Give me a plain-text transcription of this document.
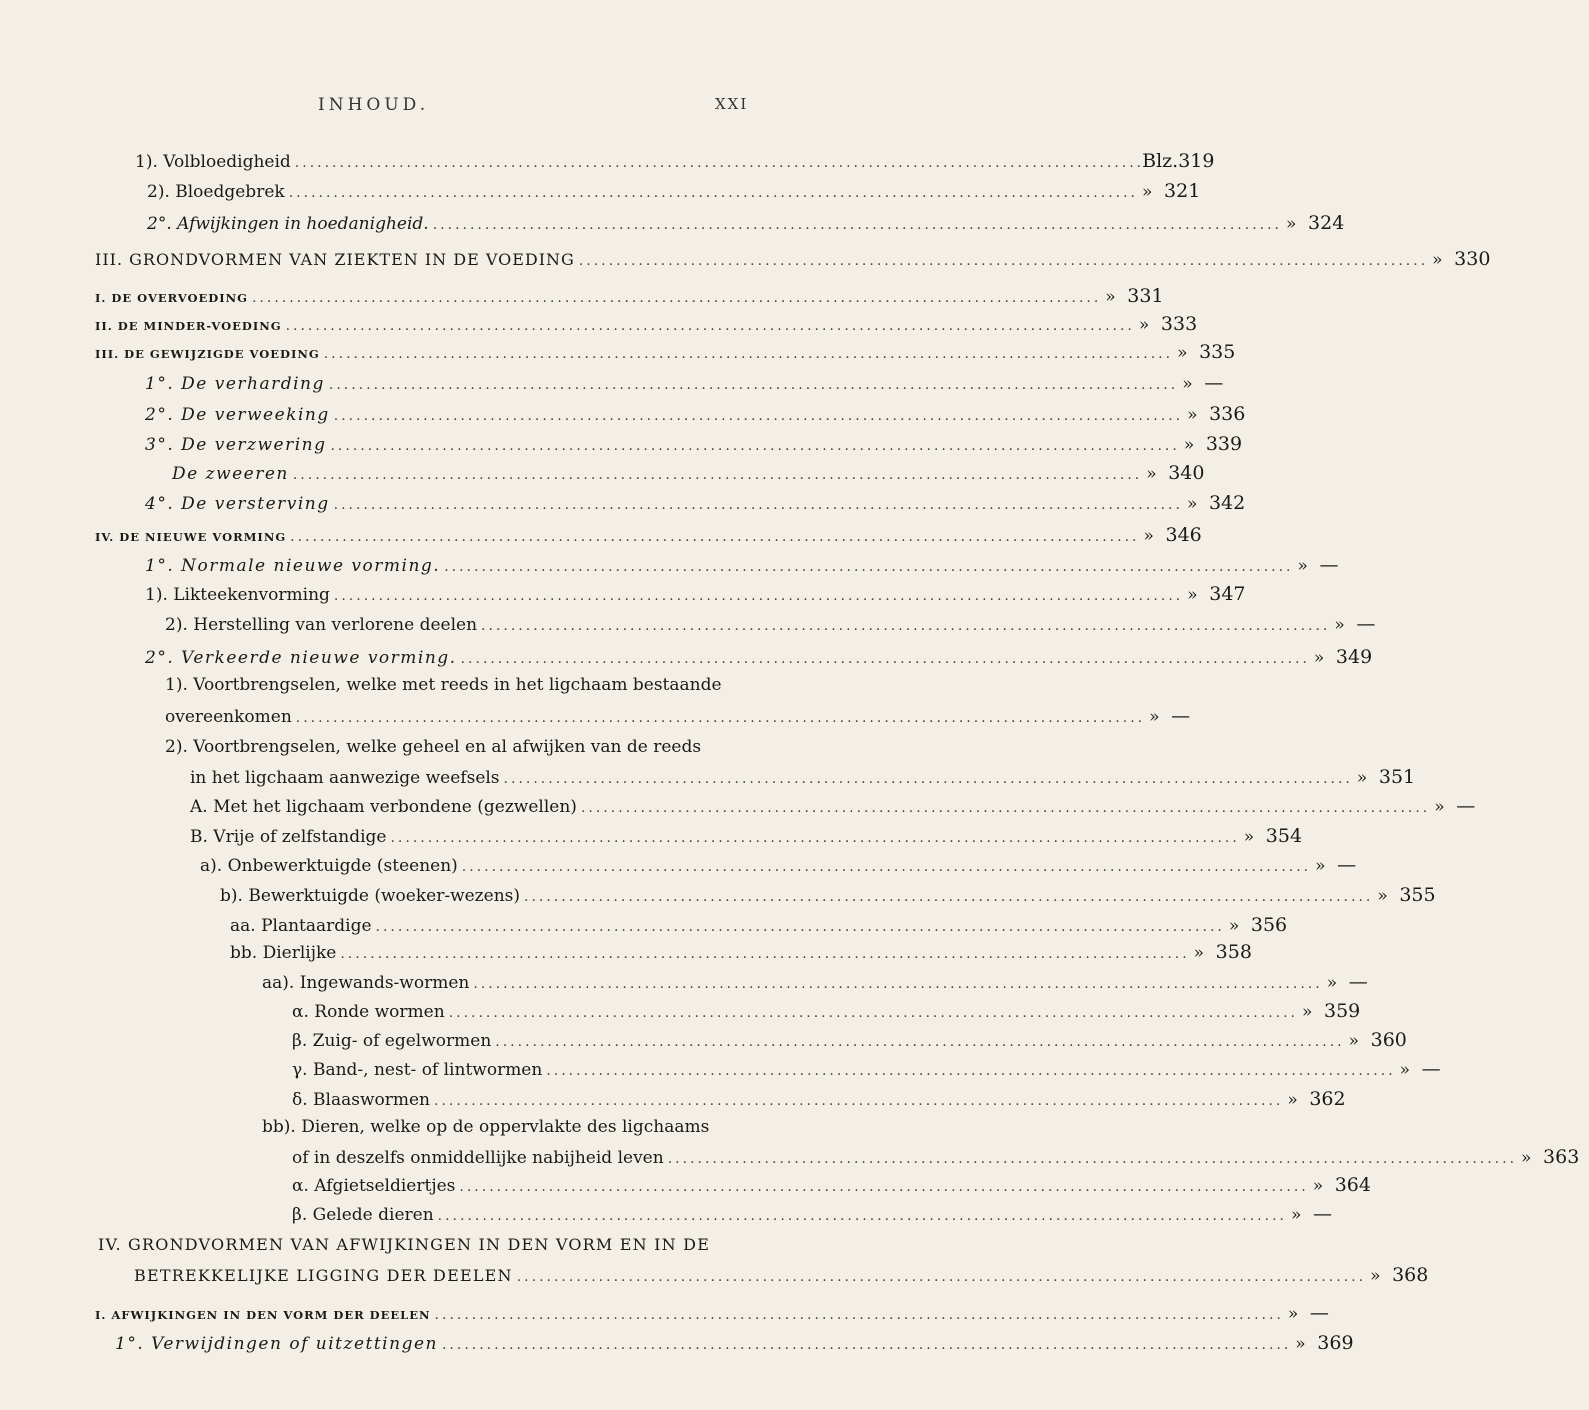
INHOUD.	XXI
1). Volbloedigheid ..................................................................................................................
Blz.319
2). Bloedgebrek .................................................................................................................. » 321
2°. Afwijkingen in hoedanigheid. .................................................................................................................. » 324
III. GRONDVORMEN VAN ZIEKTEN IN DE VOEDING .................................................................................................................. » 330
I. DE OVERVOEDING .................................................................................................................. » 331
II. DE MINDER-VOEDING .................................................................................................................. » 333
III. DE GEWIJZIGDE VOEDING .................................................................................................................. » 335
1°. De verharding .................................................................................................................. » —
2°. De verweeking .................................................................................................................. » 336
3°. De verzwering .................................................................................................................. » 339
De zweeren .................................................................................................................. » 340
4°. De versterving .................................................................................................................. » 342
IV. DE NIEUWE VORMING .................................................................................................................. » 346
1°. Normale nieuwe vorming. .................................................................................................................. » —
1). Likteekenvorming .................................................................................................................. » 347
2). Herstelling van verlorene deelen .................................................................................................................. » —
2°. Verkeerde nieuwe vorming. .................................................................................................................. » 349
1). Voortbrengselen, welke met reeds in het ligchaam bestaande
overeenkomen .................................................................................................................. » —
2). Voortbrengselen, welke geheel en al afwijken van de reeds
in het ligchaam aanwezige weefsels .................................................................................................................. » 351
A. Met het ligchaam verbondene (gezwellen) .................................................................................................................. » —
B. Vrije of zelfstandige .................................................................................................................. » 354
a). Onbewerktuigde (steenen) .................................................................................................................. » —
b). Bewerktuigde (woeker-wezens) .................................................................................................................. » 355
aa. Plantaardige .................................................................................................................. » 356
bb. Dierlijke .................................................................................................................. » 358
aa). Ingewands-wormen .................................................................................................................. » —
α. Ronde wormen .................................................................................................................. » 359
β. Zuig- of egelwormen .................................................................................................................. » 360
γ. Band-, nest- of lintwormen .................................................................................................................. » —
δ. Blaaswormen .................................................................................................................. » 362
bb). Dieren, welke op de oppervlakte des ligchaams
of in deszelfs onmiddellijke nabijheid leven .................................................................................................................. » 363
α. Afgietseldiertjes .................................................................................................................. » 364
β. Gelede dieren .................................................................................................................. » —
IV. GRONDVORMEN VAN AFWIJKINGEN IN DEN VORM EN IN DE
BETREKKELIJKE LIGGING DER DEELEN .................................................................................................................. » 368
I. AFWIJKINGEN IN DEN VORM DER DEELEN .................................................................................................................. » —
1°. Verwijdingen of uitzettingen .................................................................................................................. » 369
